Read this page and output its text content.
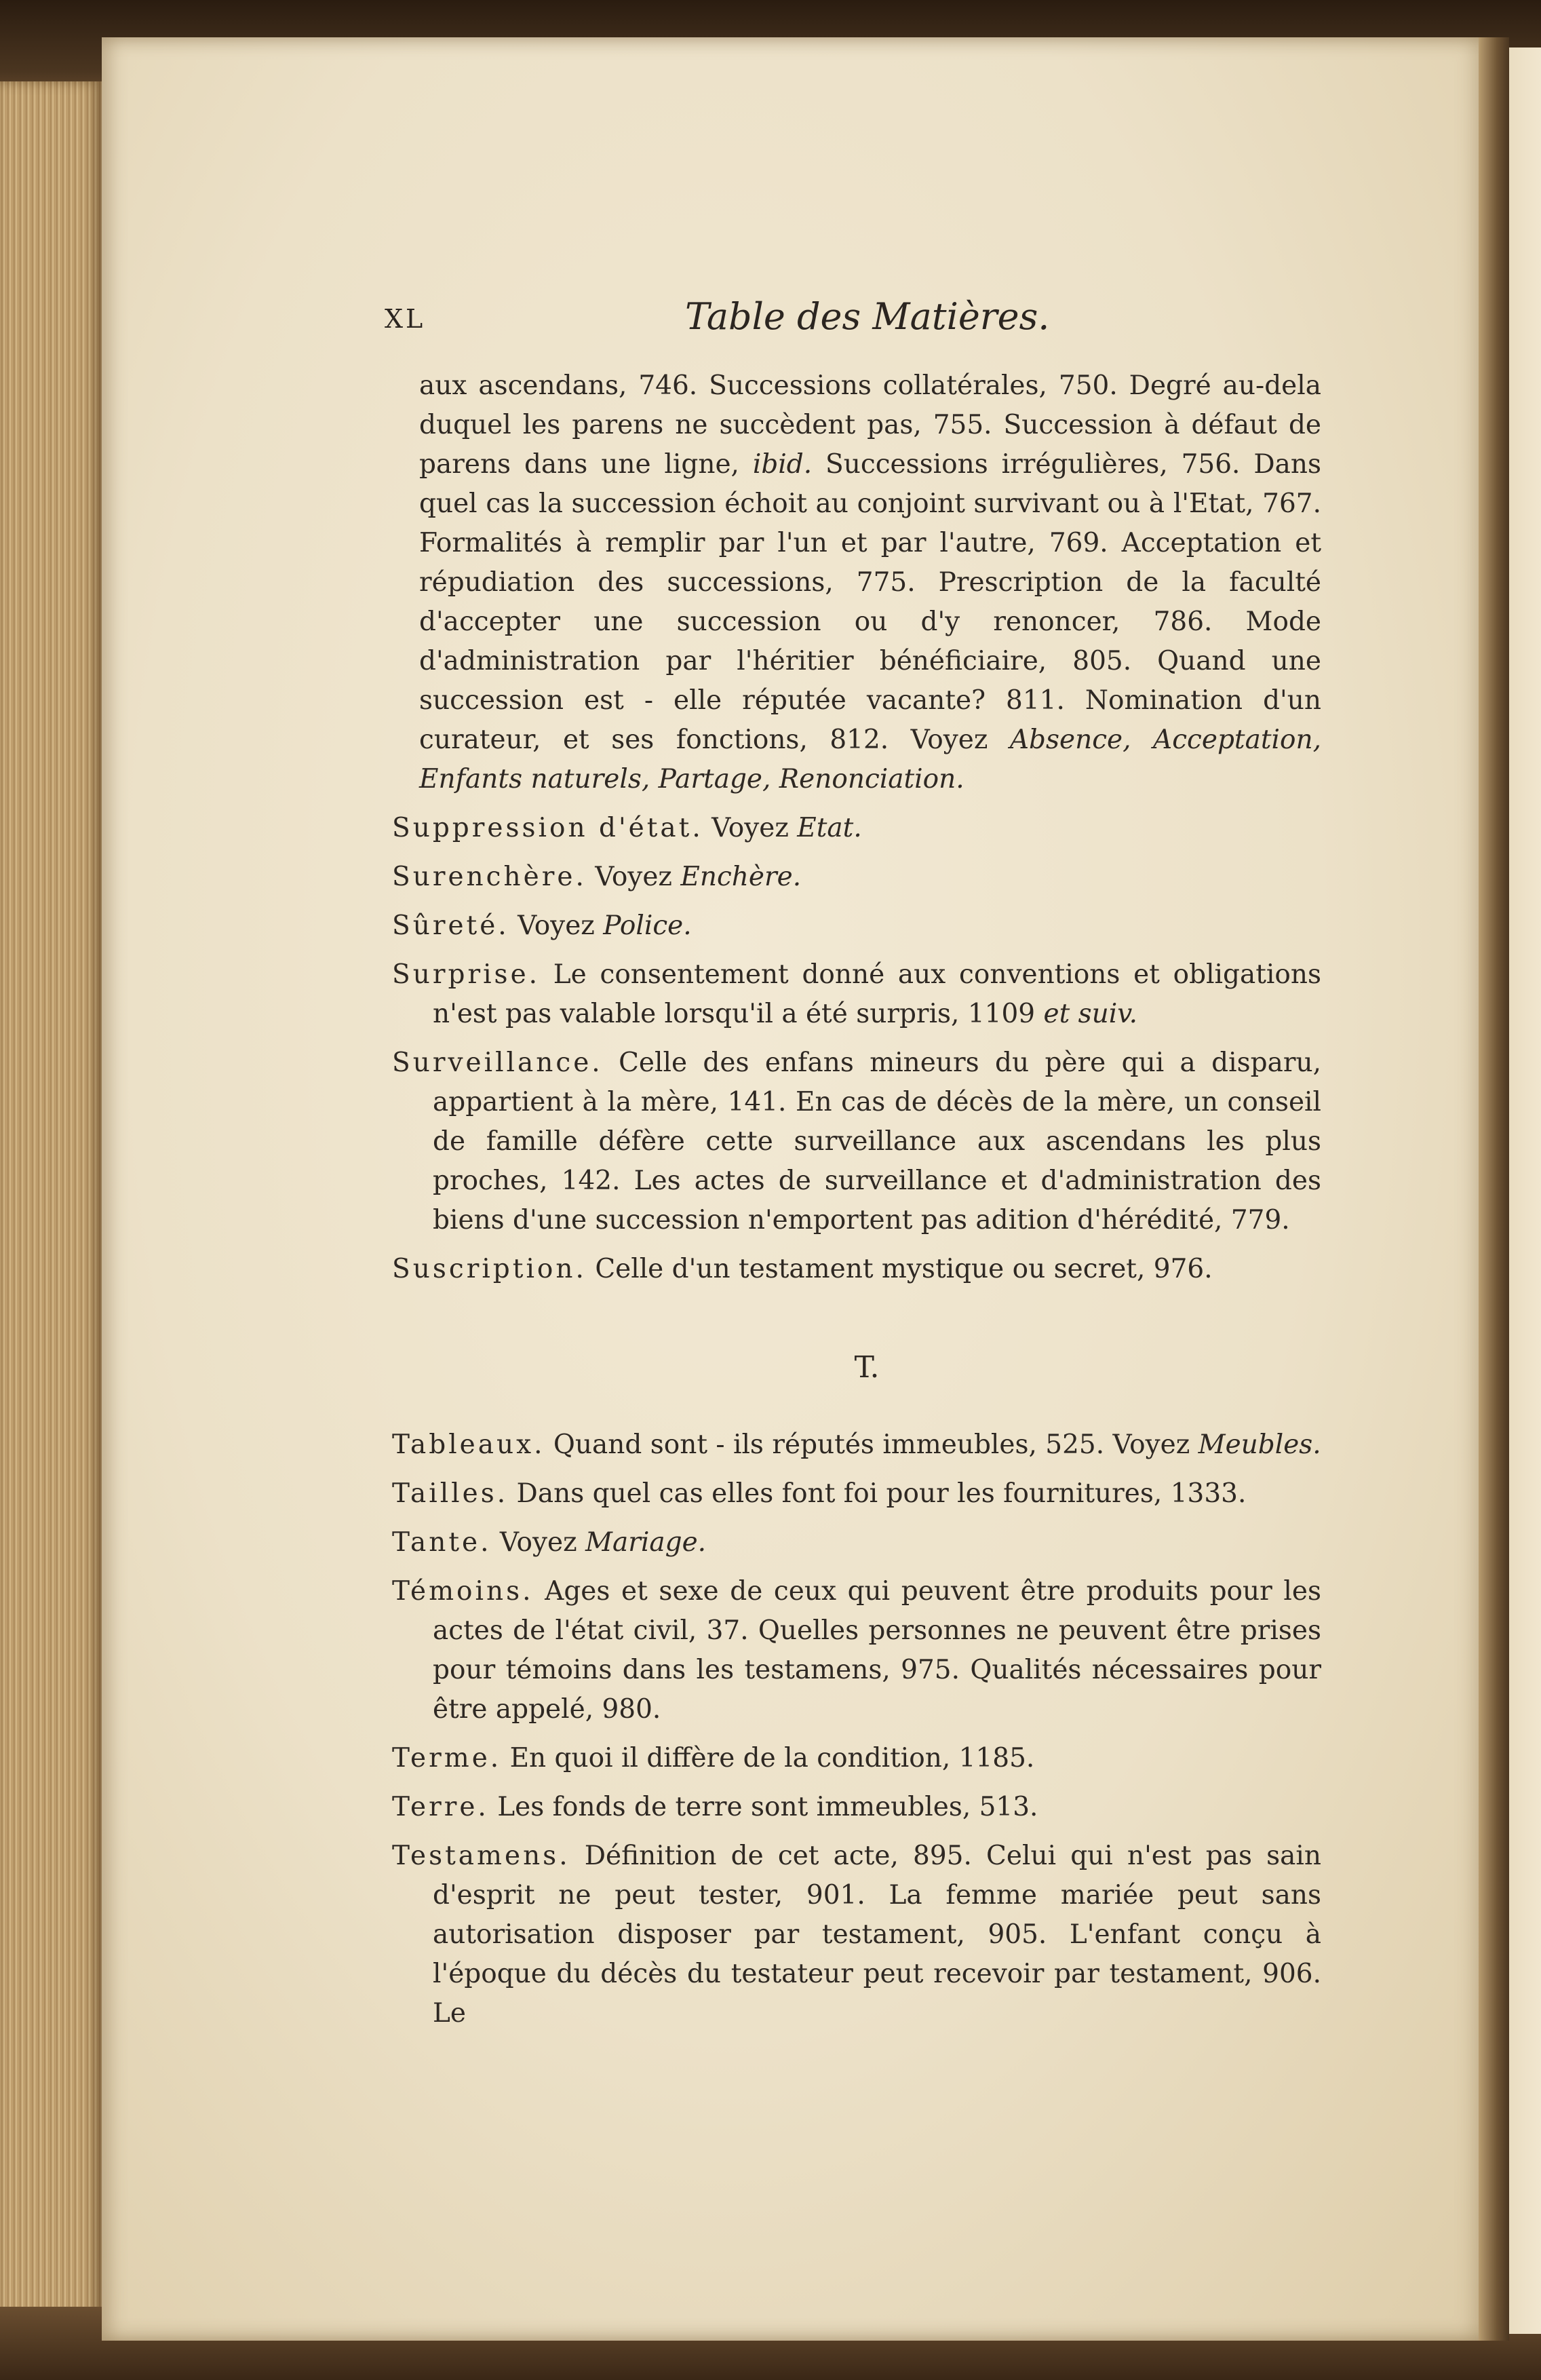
XL	Table des Matières.

aux ascendans, 746. Successions collatérales, 750. Degré au-dela duquel les parens ne succèdent pas, 755. Succession à défaut de parens dans une ligne, ibid. Successions irrégulières, 756. Dans quel cas la succession échoit au conjoint survivant ou à l'Etat, 767. Formalités à remplir par l'un et par l'autre, 769. Acceptation et répudiation des successions, 775. Prescription de la faculté d'accepter une succession ou d'y renoncer, 786. Mode d'administration par l'héritier bénéficiaire, 805. Quand une succession est - elle réputée vacante? 811. Nomination d'un curateur, et ses fonctions, 812. Voyez Absence, Acceptation, Enfants naturels, Partage, Renonciation.

Suppression d'état. Voyez Etat.

Surenchère. Voyez Enchère.

Sûreté. Voyez Police.

Surprise. Le consentement donné aux conventions et obligations n'est pas valable lorsqu'il a été surpris, 1109 et suiv.

Surveillance. Celle des enfans mineurs du père qui a disparu, appartient à la mère, 141. En cas de décès de la mère, un conseil de famille défère cette surveillance aux ascendans les plus proches, 142. Les actes de surveillance et d'administration des biens d'une succession n'emportent pas adition d'hérédité, 779.

Suscription. Celle d'un testament mystique ou secret, 976.

T.

Tableaux. Quand sont - ils réputés immeubles, 525. Voyez Meubles.

Tailles. Dans quel cas elles font foi pour les fournitures, 1333.

Tante. Voyez Mariage.

Témoins. Ages et sexe de ceux qui peuvent être produits pour les actes de l'état civil, 37. Quelles personnes ne peuvent être prises pour témoins dans les testamens, 975. Qualités nécessaires pour être appelé, 980.

Terme. En quoi il diffère de la condition, 1185.

Terre. Les fonds de terre sont immeubles, 513.

Testamens. Définition de cet acte, 895. Celui qui n'est pas sain d'esprit ne peut tester, 901. La femme mariée peut sans autorisation disposer par testament, 905. L'enfant conçu à l'époque du décès du testateur peut recevoir par testament, 906. Le
